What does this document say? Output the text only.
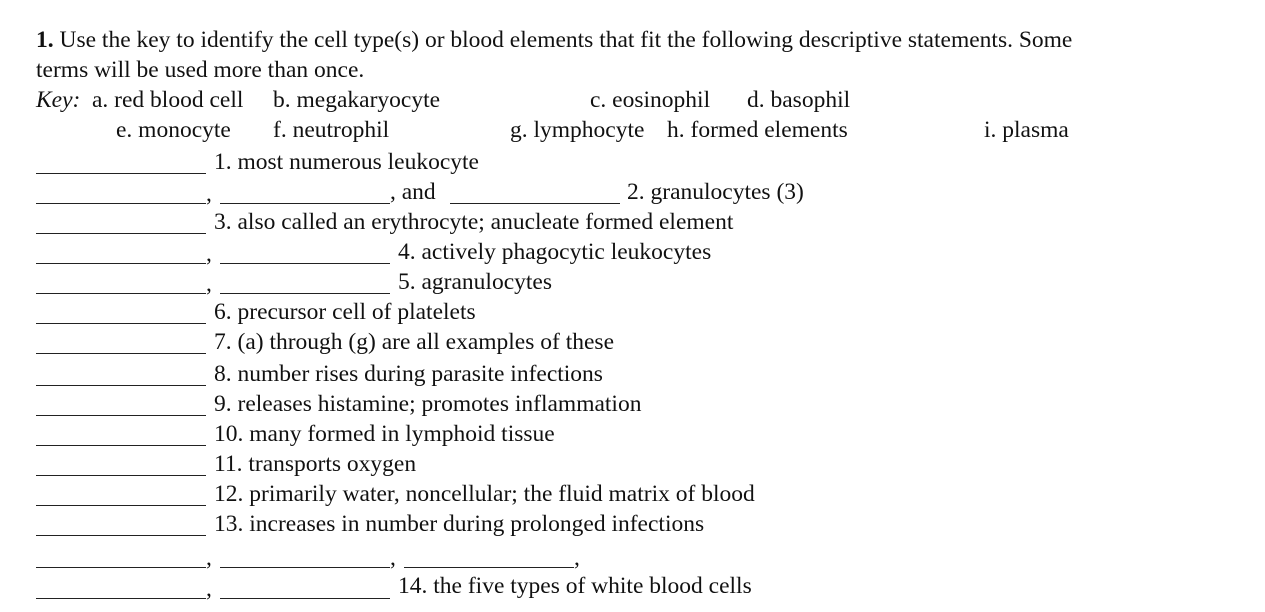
1. Use the key to identify the cell type(s) or blood elements that fit the following descriptive statements. Some
terms will be used more than once.
Key: a. red blood cell b. megakaryocyte	c. eosinophil d. basophil
e. monocyte f. neutrophil	g. lymphocyte h. formed elements	i. plasma
1. most numerous leukocyte
,	, and	2. granulocytes (3)
3. also called an erythrocyte; anucleate formed element
,	4. actively phagocytic leukocytes
,	5. agranulocytes
6. precursor cell of platelets
7. (a) through (g) are all examples of these
8. number rises during parasite infections
9. releases histamine; promotes inflammation
10. many formed in lymphoid tissue
11. transports oxygen
12. primarily water, noncellular; the fluid matrix of blood
13. increases in number during prolonged infections
,	,	,
,	14. the five types of white blood cells
